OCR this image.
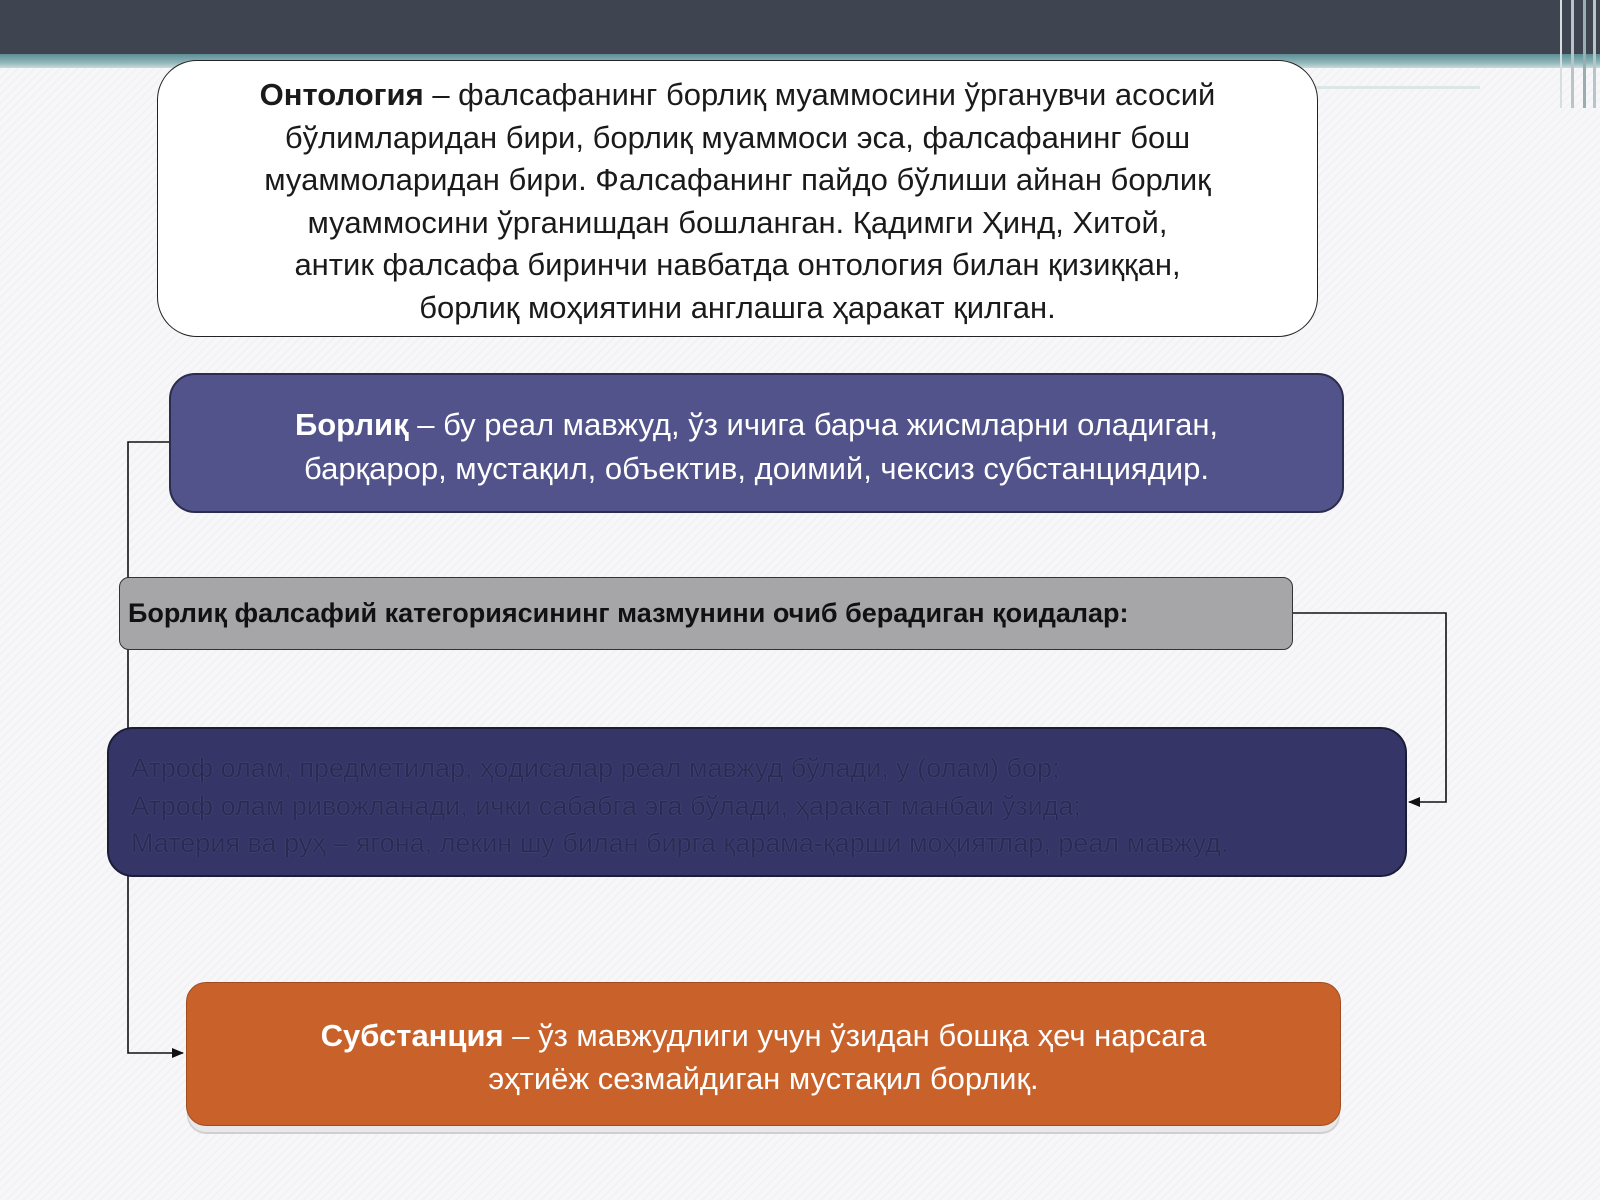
Онтология – фалсафанинг борлиқ муаммосини ўрганувчи асосий
бўлимларидан бири, борлиқ муаммоси эса, фалсафанинг бош
муаммоларидан бири. Фалсафанинг пайдо бўлиши айнан борлиқ
муаммосини ўрганишдан бошланган. Қадимги Ҳинд, Хитой,
антик фалсафа биринчи навбатда онтология билан қизиққан,
борлиқ моҳиятини англашга ҳаракат қилган.
Борлиқ – бу реал мавжуд, ўз ичига барча жисмларни оладиган,
барқарор, мустақил, объектив, доимий, чексиз субстанциядир.
Борлиқ фалсафий категориясининг мазмунини очиб берадиган қоидалар:
Атроф олам, предметилар, ҳодисалар реал мавжуд бўлади, у (олам) бор;
Атроф олам ривожланади, ички сабабга эга бўлади, ҳаракат манбаи ўзида;
Материя ва руҳ – ягона, лекин шу билан бирга қарама-қарши моҳиятлар, реал мавжуд.
Субстанция – ўз мавжудлиги учун ўзидан бошқа ҳеч нарсага
эҳтиёж сезмайдиган мустақил борлиқ.
